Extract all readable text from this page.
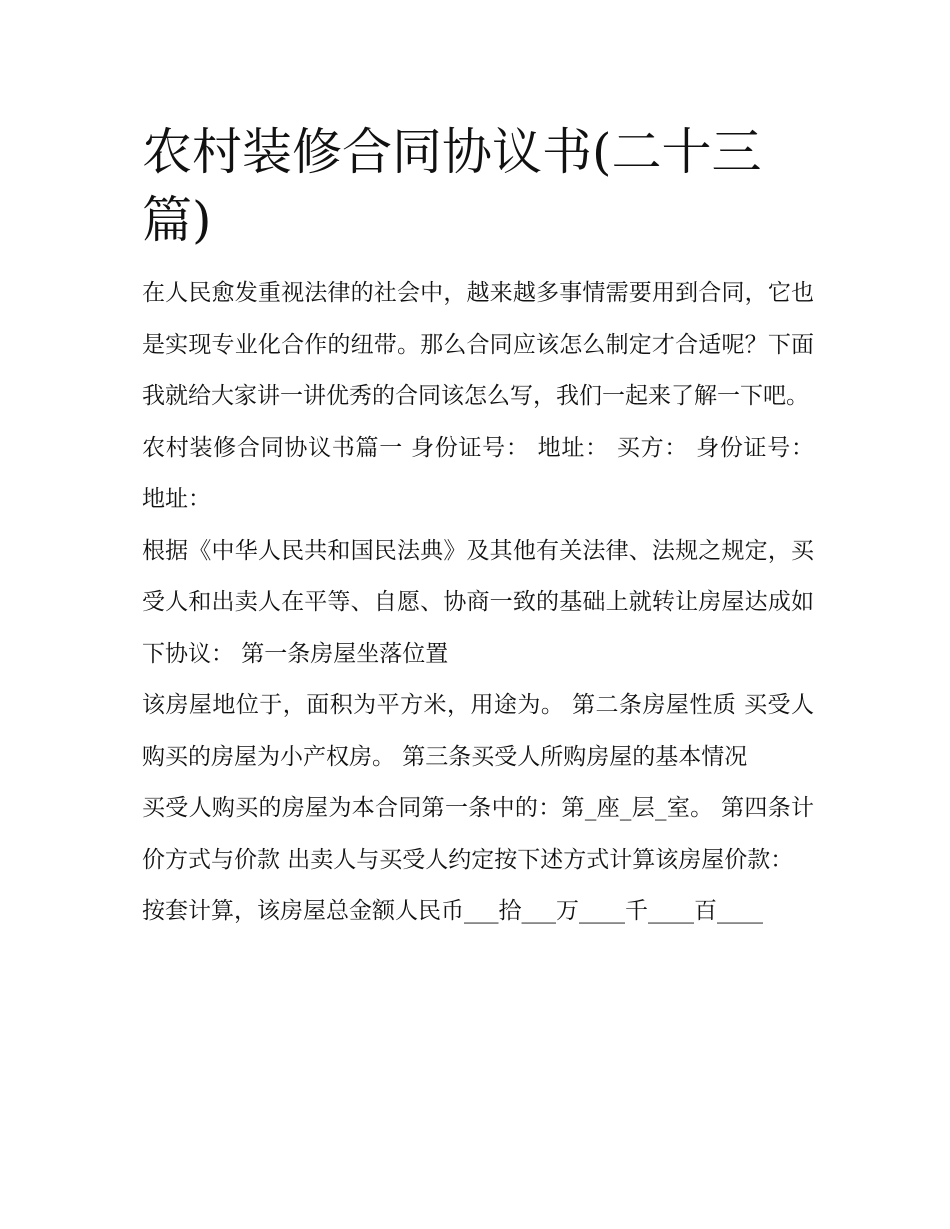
农村装修合同协议书(二十三篇)

在人民愈发重视法律的社会中，越来越多事情需要用到合同，它也是实现专业化合作的纽带。那么合同应该怎么制定才合适呢？下面我就给大家讲一讲优秀的合同该怎么写，我们一起来了解一下吧。

农村装修合同协议书篇一 身份证号： 地址： 买方： 身份证号： 地址：

根据《中华人民共和国民法典》及其他有关法律、法规之规定，买受人和出卖人在平等、自愿、协商一致的基础上就转让房屋达成如下协议： 第一条房屋坐落位置

该房屋地位于，面积为平方米，用途为。 第二条房屋性质 买受人购买的房屋为小产权房。 第三条买受人所购房屋的基本情况

买受人购买的房屋为本合同第一条中的：第_座_层_室。 第四条计价方式与价款 出卖人与买受人约定按下述方式计算该房屋价款：

按套计算，该房屋总金额人民币___拾___万____千____百____
